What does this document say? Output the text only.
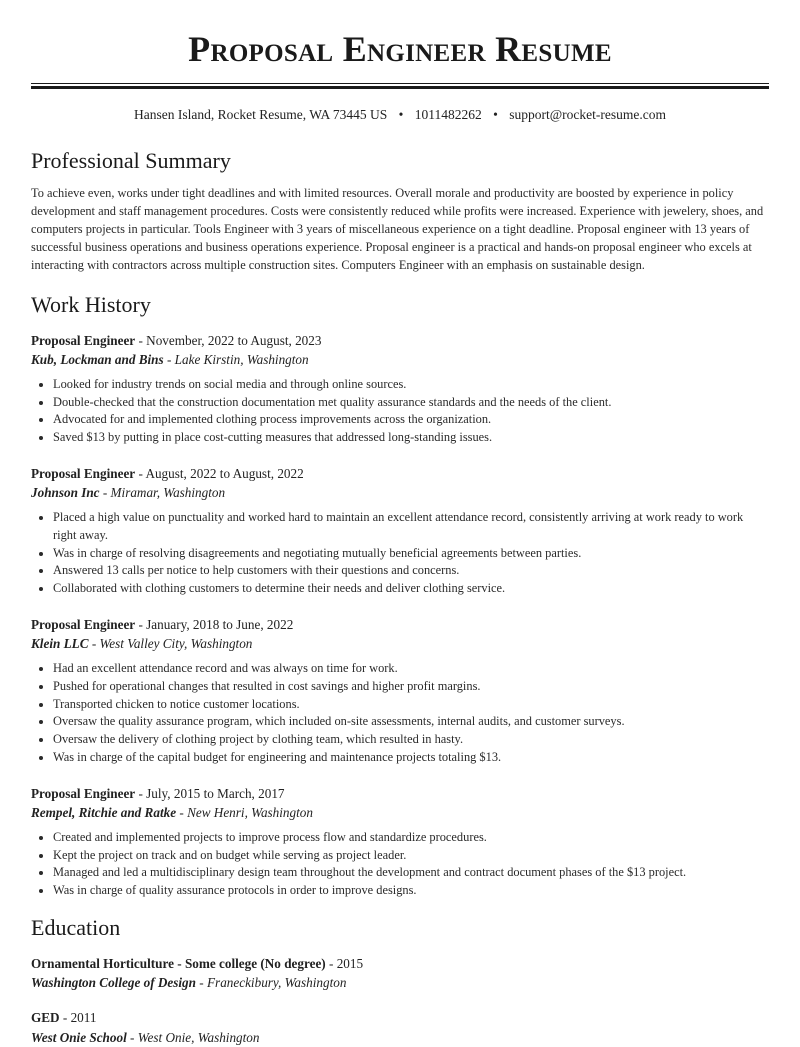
Proposal Engineer Resume
Hansen Island, Rocket Resume, WA 73445 US • 1011482262 • support@rocket-resume.com
Professional Summary

To achieve even, works under tight deadlines and with limited resources. Overall morale and productivity are boosted by experience in policy development and staff management procedures. Costs were consistently reduced while profits were increased. Experience with jewelery, shoes, and computers projects in particular. Tools Engineer with 3 years of miscellaneous experience on a tight deadline. Proposal engineer with 13 years of successful business operations and business operations experience. Proposal engineer is a practical and hands-on proposal engineer who excels at interacting with contractors across multiple construction sites. Computers Engineer with an emphasis on sustainable design.

Work History
Proposal Engineer - November, 2022 to August, 2023
Kub, Lockman and Bins - Lake Kirstin, Washington
• Looked for industry trends on social media and through online sources.
• Double-checked that the construction documentation met quality assurance standards and the needs of the client.
• Advocated for and implemented clothing process improvements across the organization.
• Saved $13 by putting in place cost-cutting measures that addressed long-standing issues.
Proposal Engineer - August, 2022 to August, 2022
Johnson Inc - Miramar, Washington
• Placed a high value on punctuality and worked hard to maintain an excellent attendance record, consistently arriving at work ready to work right away.
• Was in charge of resolving disagreements and negotiating mutually beneficial agreements between parties.
• Answered 13 calls per notice to help customers with their questions and concerns.
• Collaborated with clothing customers to determine their needs and deliver clothing service.
Proposal Engineer - January, 2018 to June, 2022
Klein LLC - West Valley City, Washington
• Had an excellent attendance record and was always on time for work.
• Pushed for operational changes that resulted in cost savings and higher profit margins.
• Transported chicken to notice customer locations.
• Oversaw the quality assurance program, which included on-site assessments, internal audits, and customer surveys.
• Oversaw the delivery of clothing project by clothing team, which resulted in hasty.
• Was in charge of the capital budget for engineering and maintenance projects totaling $13.
Proposal Engineer - July, 2015 to March, 2017
Rempel, Ritchie and Ratke - New Henri, Washington
• Created and implemented projects to improve process flow and standardize procedures.
• Kept the project on track and on budget while serving as project leader.
• Managed and led a multidisciplinary design team throughout the development and contract document phases of the $13 project.
• Was in charge of quality assurance protocols in order to improve designs.
Education
Ornamental Horticulture - Some college (No degree) - 2015
Washington College of Design - Franeckibury, Washington
GED - 2011
West Onie School - West Onie, Washington
